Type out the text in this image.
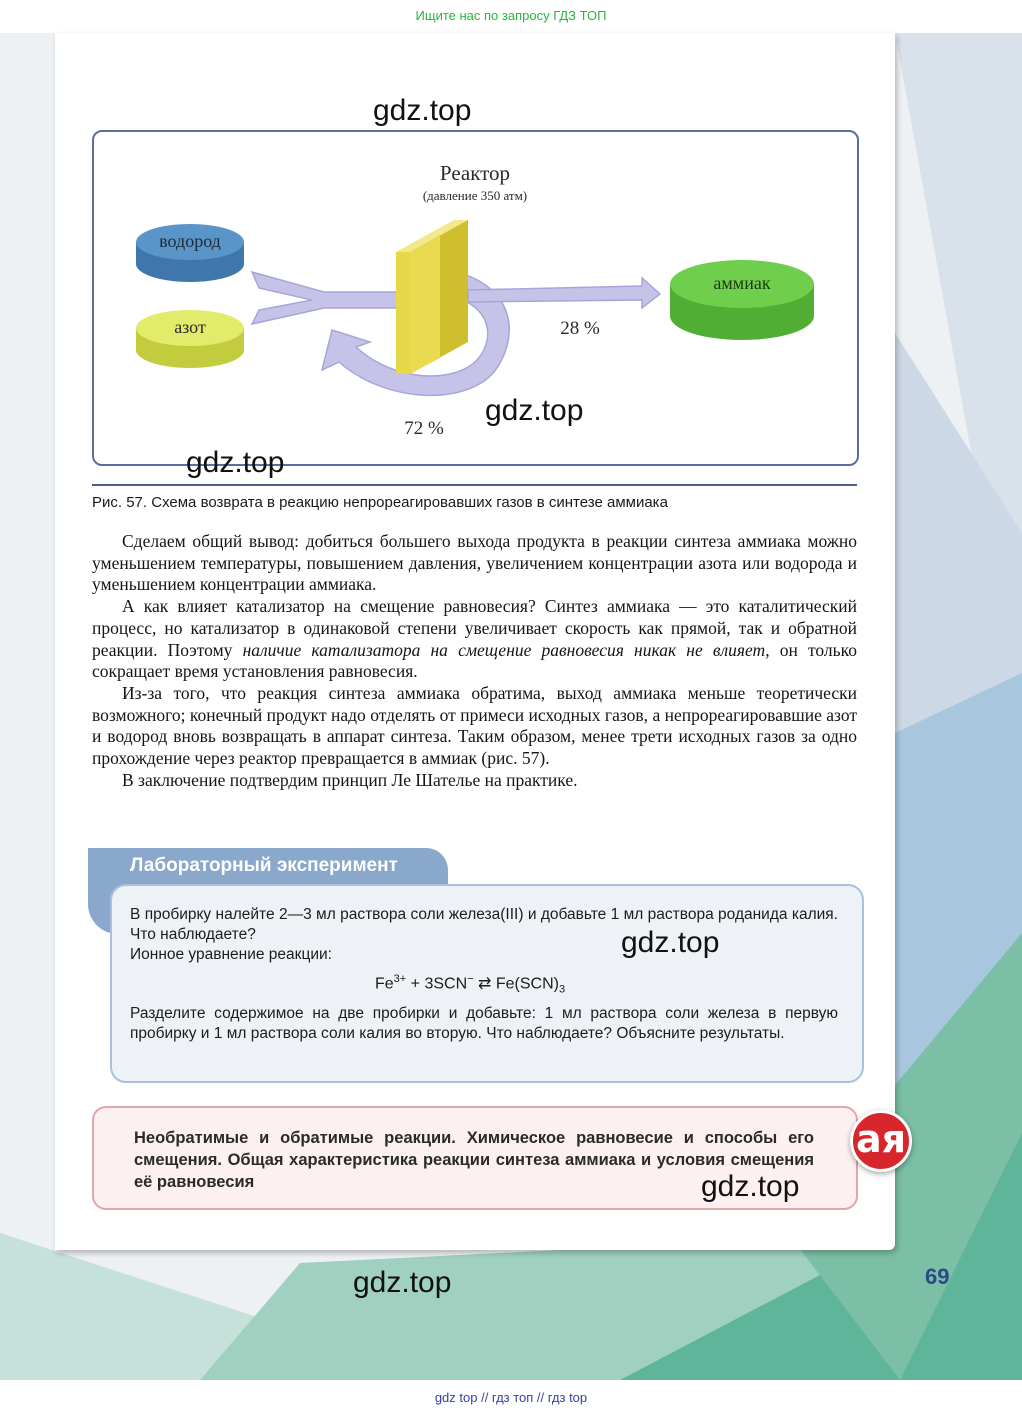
Ищите нас по запросу ГДЗ ТОП
Реактор
(давление 350 атм)
водород
азот
аммиак
28 %
72 %
gdz.top
gdz.top
gdz.top
Рис. 57. Схема возврата в реакцию непрореагировавших газов в синтезе аммиака

Сделаем общий вывод: добиться большего выхода продукта в реакции синтеза аммиака можно уменьшением температуры, повышением давления, увеличением концентрации азота или водорода и уменьшением концентрации аммиака.

А как влияет катализатор на смещение равновесия? Синтез аммиака — это каталитический процесс, но катализатор в одинаковой степени увеличивает скорость как прямой, так и обратной реакции. Поэтому наличие катализатора на смещение равновесия никак не влияет, он только сокращает время установления равновесия.

Из-за того, что реакция синтеза аммиака обратима, выход аммиака меньше теоретически возможного; конечный продукт надо отделять от примеси исходных газов, а непрореагировавшие азот и водород вновь возвращать в аппарат синтеза. Таким образом, менее трети исходных газов за одно прохождение через реактор превращается в аммиак (рис. 57).

В заключение подтвердим принцип Ле Шателье на практике.

Лабораторный эксперимент
В пробирку налейте 2—3 мл раствора соли железа(III) и добавьте 1 мл раствора роданида калия. Что наблюдаете?
Ионное уравнение реакции:
$Fe^{3+} + 3SCN^-$ ⇄ $Fe(SCN)_3$
Разделите содержимое на две пробирки и добавьте: 1 мл раствора соли железа в первую пробирку и 1 мл раствора соли калия во вторую. Что наблюдаете? Объясните результаты.
gdz.top
Необратимые и обратимые реакции. Химическое равновесие и способы его смещения. Общая характеристика реакции синтеза аммиака и условия смещения её равновесия
ая
gdz.top
gdz.top	69
gdz top // гдз топ // гдз top
